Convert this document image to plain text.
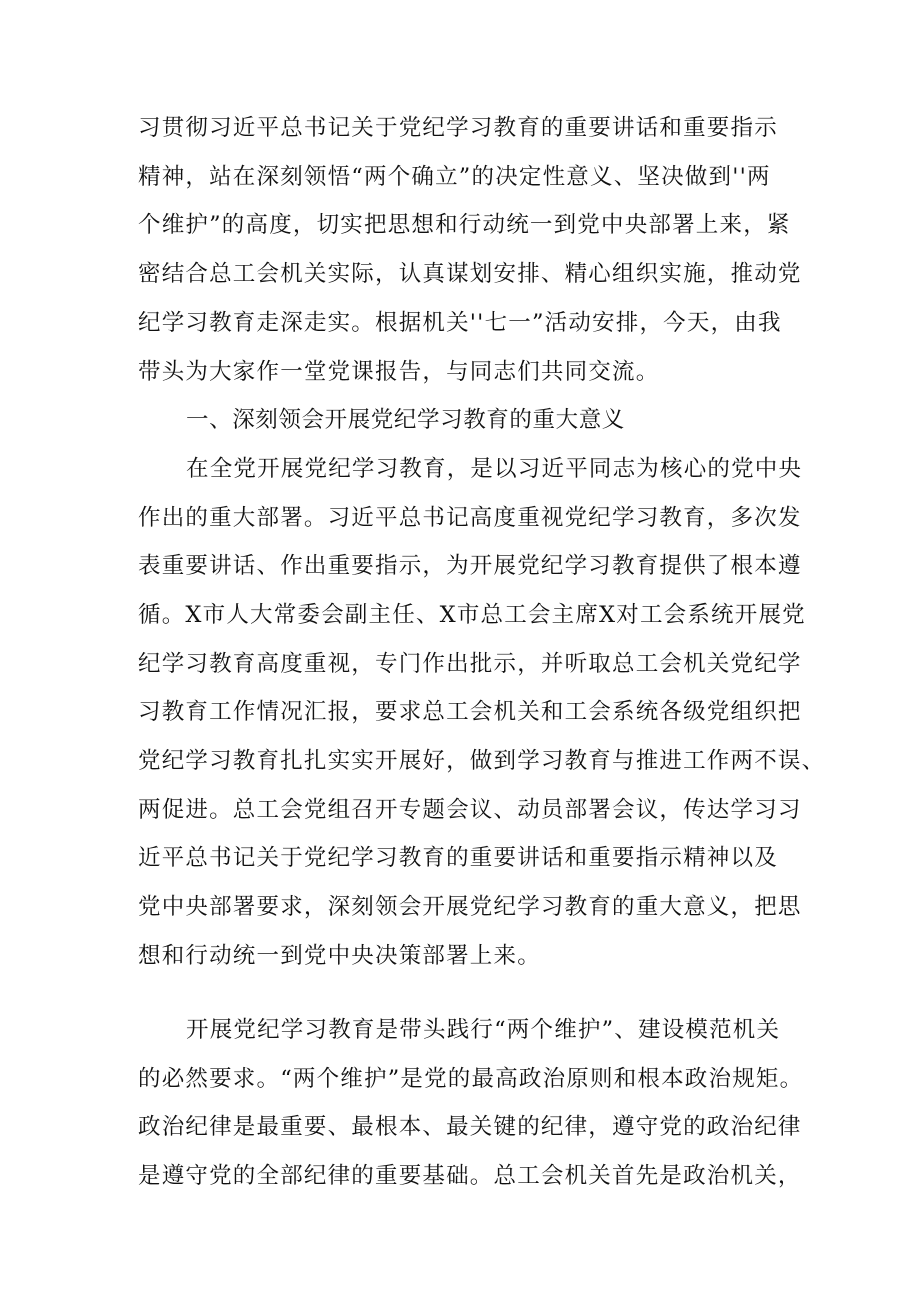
习贯彻习近平总书记关于党纪学习教育的重要讲话和重要指示
精神，站在深刻领悟“两个确立”的决定性意义、坚决做到''两
个维护”的高度，切实把思想和行动统一到党中央部署上来，紧
密结合总工会机关实际，认真谋划安排、精心组织实施，推动党
纪学习教育走深走实。根据机关''七一”活动安排，今天，由我
带头为大家作一堂党课报告，与同志们共同交流。
一、深刻领会开展党纪学习教育的重大意义
在全党开展党纪学习教育，是以习近平同志为核心的党中央
作出的重大部署。习近平总书记高度重视党纪学习教育，多次发
表重要讲话、作出重要指示，为开展党纪学习教育提供了根本遵
循。X市人大常委会副主任、X市总工会主席X对工会系统开展党
纪学习教育高度重视，专门作出批示，并听取总工会机关党纪学
习教育工作情况汇报，要求总工会机关和工会系统各级党组织把
党纪学习教育扎扎实实开展好，做到学习教育与推进工作两不误、
两促进。总工会党组召开专题会议、动员部署会议，传达学习习
近平总书记关于党纪学习教育的重要讲话和重要指示精神以及
党中央部署要求，深刻领会开展党纪学习教育的重大意义，把思
想和行动统一到党中央决策部署上来。
开展党纪学习教育是带头践行“两个维护”、建设模范机关
的必然要求。“两个维护”是党的最高政治原则和根本政治规矩。
政治纪律是最重要、最根本、最关键的纪律，遵守党的政治纪律
是遵守党的全部纪律的重要基础。总工会机关首先是政治机关，
